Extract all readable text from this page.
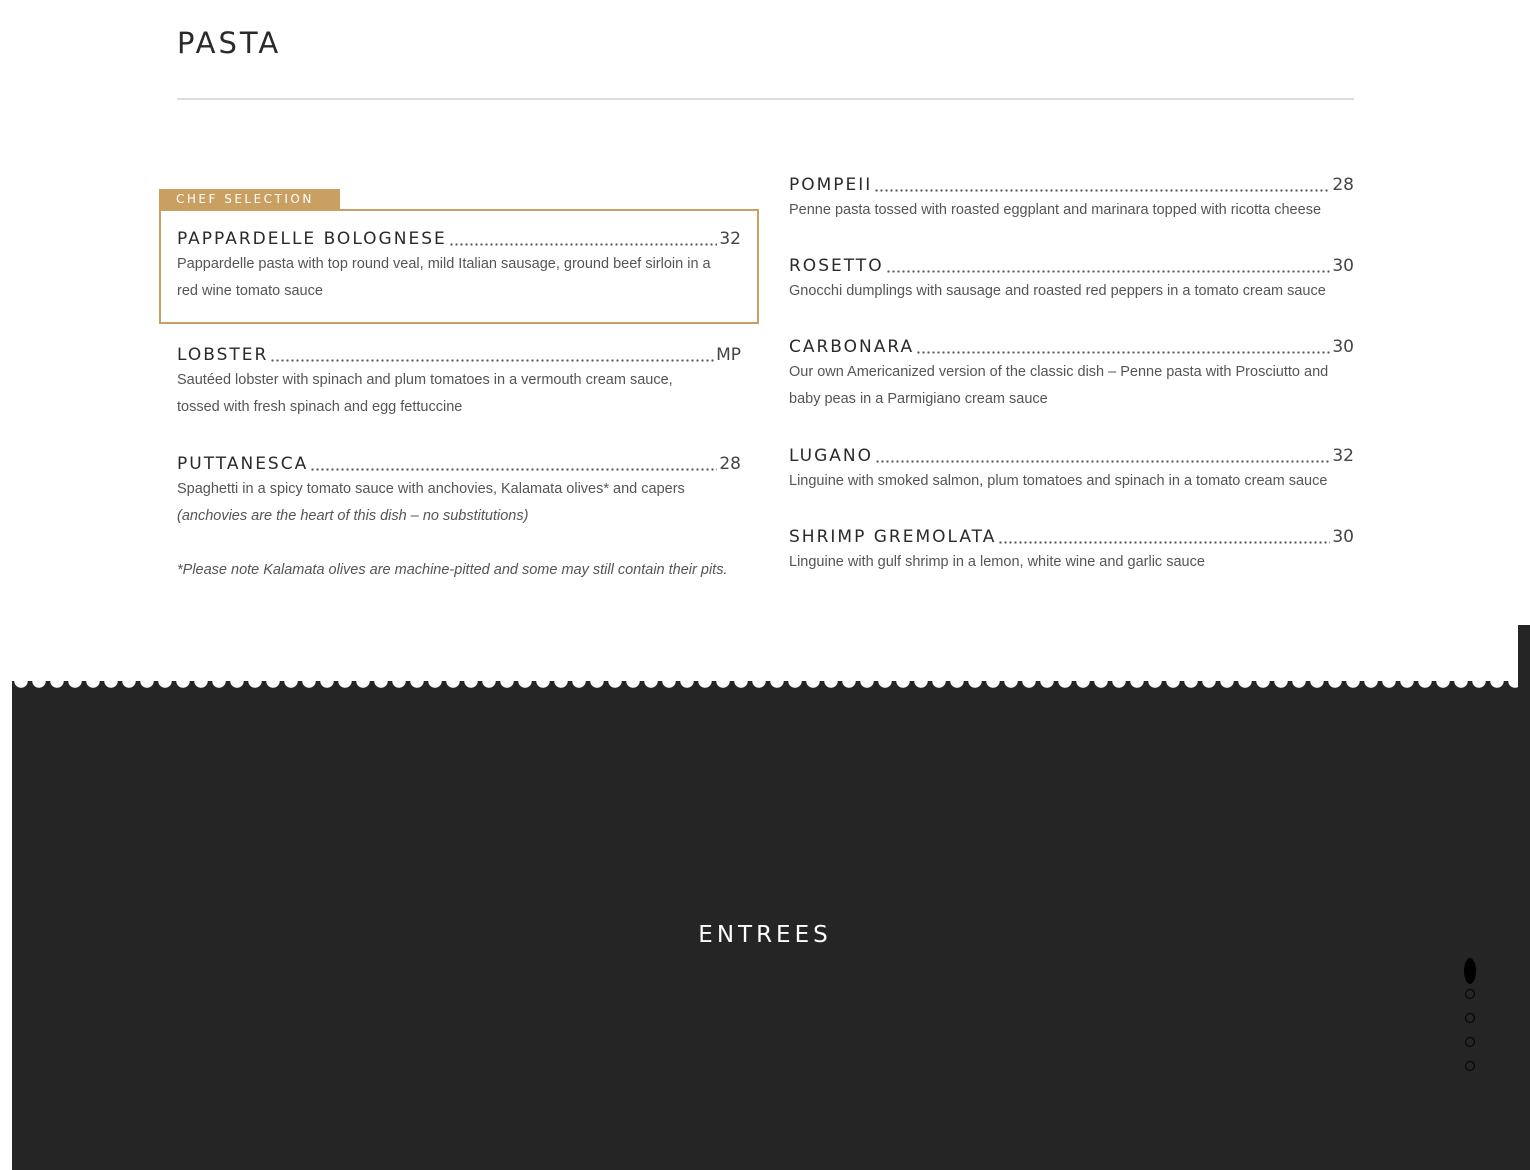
PASTA
CHEF SELECTION
PAPPARDELLE BOLOGNESE	32
Pappardelle pasta with top round veal, mild Italian sausage, ground beef sirloin in a
red wine tomato sauce
LOBSTER	MP
Sautéed lobster with spinach and plum tomatoes in a vermouth cream sauce,
tossed with fresh spinach and egg fettuccine
PUTTANESCA	28
Spaghetti in a spicy tomato sauce with anchovies, Kalamata olives* and capers
(anchovies are the heart of this dish – no substitutions)
*Please note Kalamata olives are machine-pitted and some may still contain their pits.
POMPEII	28
Penne pasta tossed with roasted eggplant and marinara topped with ricotta cheese
ROSETTO	30
Gnocchi dumplings with sausage and roasted red peppers in a tomato cream sauce
CARBONARA	30
Our own Americanized version of the classic dish – Penne pasta with Prosciutto and
baby peas in a Parmigiano cream sauce
LUGANO	32
Linguine with smoked salmon, plum tomatoes and spinach in a tomato cream sauce
SHRIMP GREMOLATA	30
Linguine with gulf shrimp in a lemon, white wine and garlic sauce
ENTREES
